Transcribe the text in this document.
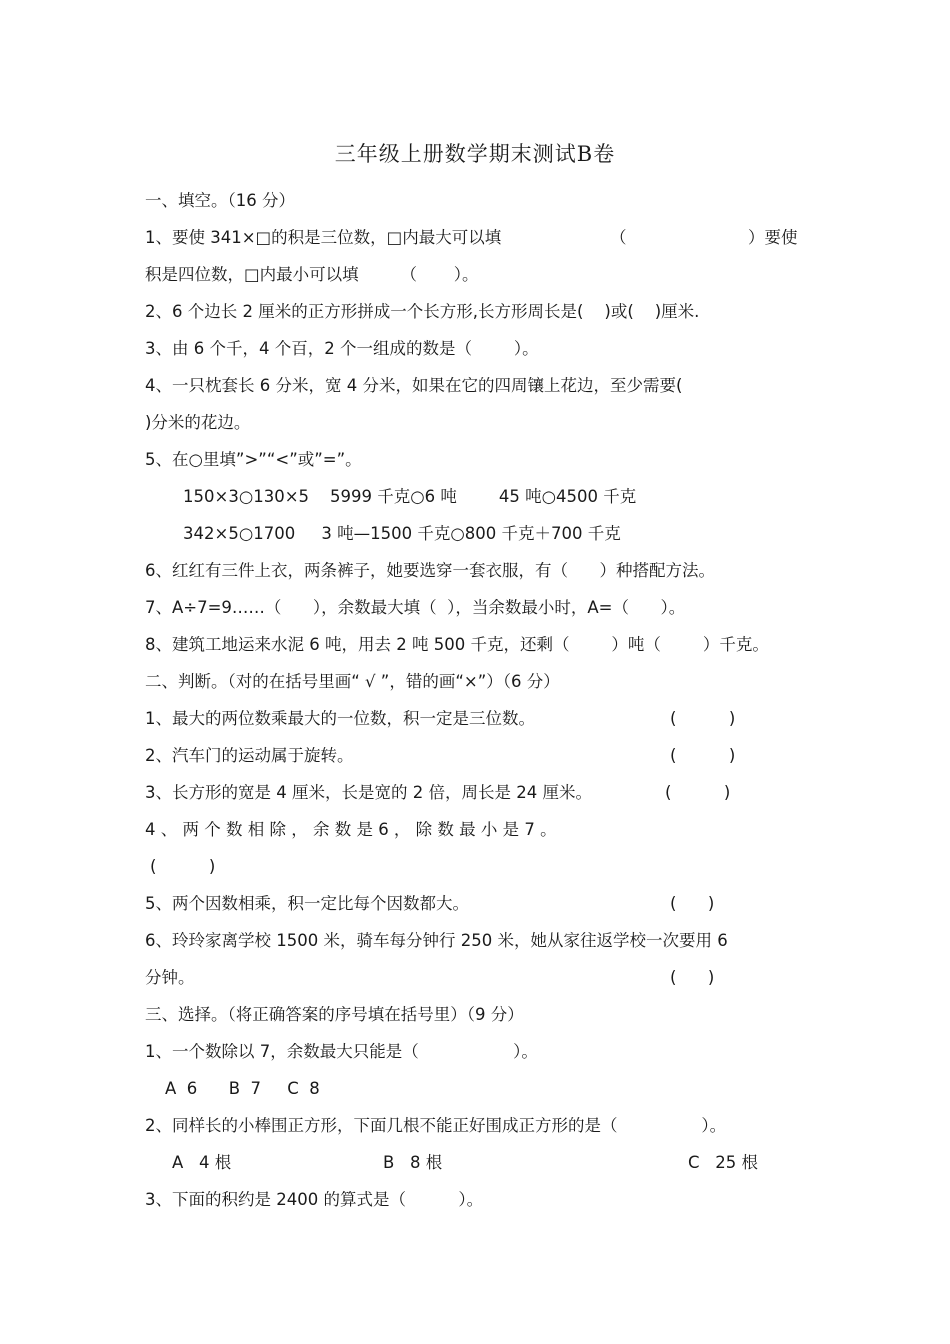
三年级上册数学期末测试B卷
一、填空。（16 分）
1、要使 341×□的积是三位数，□内最大可以填	（	）要使
积是四位数，□内最小可以填        （       ）。
2、6 个边长 2 厘米的正方形拼成一个长方形,长方形周长是(    )或(    )厘米.
3、由 6 个千，4 个百，2 个一组成的数是（        ）。
4、一只枕套长 6 分米，宽 4 分米，如果在它的四周镶上花边，至少需要(
)分米的花边。
5、在○里填”>”“<”或”=”。
150×3○130×5    5999 千克○6 吨        45 吨○4500 千克
342×5○1700     3 吨—1500 千克○800 千克＋700 千克
6、红红有三件上衣，两条裤子，她要选穿一套衣服，有（      ）种搭配方法。
7、A÷7=9……（      ），余数最大填（  ），当余数最小时，A=（      ）。
8、建筑工地运来水泥 6 吨，用去 2 吨 500 千克，还剩（        ）吨（        ）千克。
二、判断。（对的在括号里画“ √ ”，错的画“×”）（6 分）
1、最大的两位数乘最大的一位数，积一定是三位数。	(          )
2、汽车门的运动属于旋转。	(          )
3、长方形的宽是 4 厘米，长是宽的 2 倍，周长是 24 厘米。	(          )
4 、 两 个 数 相 除 ， 余 数 是 6 ， 除 数 最 小 是 7 。
(          )
5、两个因数相乘，积一定比每个因数都大。	(      )
6、玲玲家离学校 1500 米，骑车每分钟行 250 米，她从家往返学校一次要用 6
分钟。	(      )
三、选择。（将正确答案的序号填在括号里）（9 分）
1、一个数除以 7，余数最大只能是（                  ）。
A  6      B  7     C  8
2、同样长的小棒围正方形，下面几根不能正好围成正方形的是（                ）。
A   4 根	B   8 根	C   25 根
3、下面的积约是 2400 的算式是（          ）。
